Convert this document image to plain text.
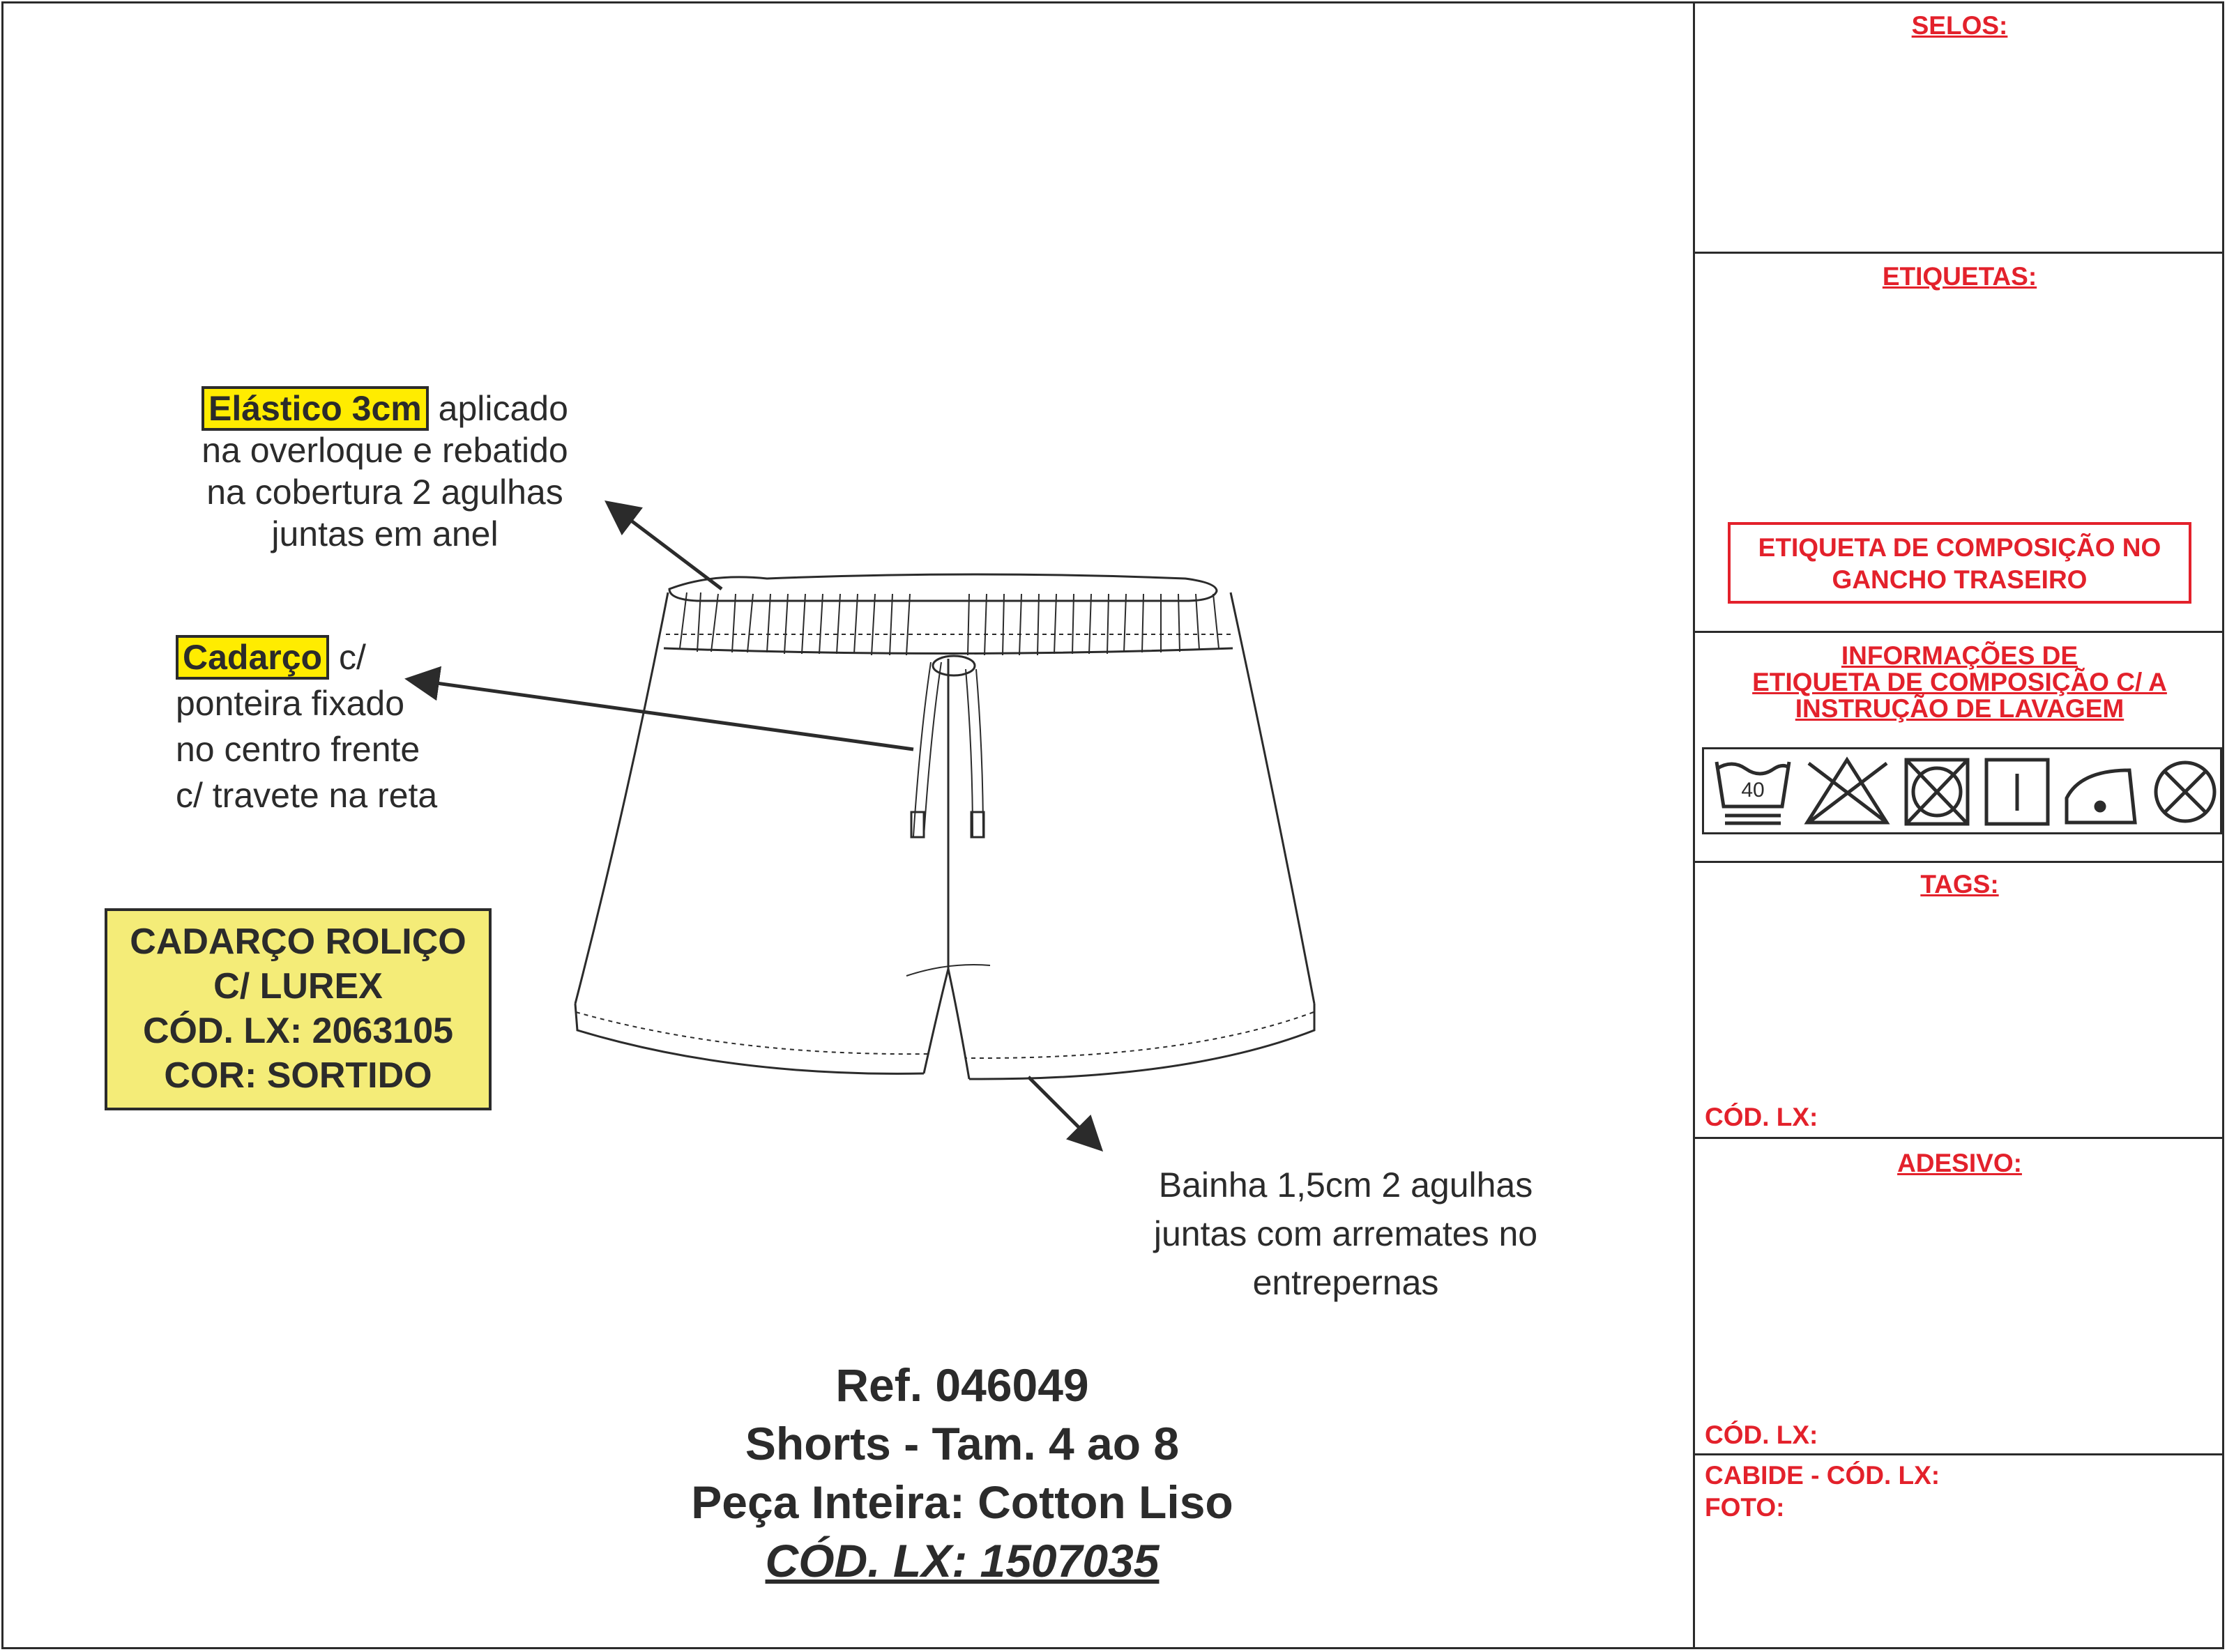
Elástico 3cm aplicado
na overloque e rebatido
na cobertura 2 agulhas
juntas em anel
Cadarço c/
ponteira fixado
no centro frente
c/ travete na reta
CADARÇO ROLIÇO
C/ LUREX
CÓD. LX: 2063105
COR: SORTIDO
Bainha 1,5cm 2 agulhas
juntas com arremates no
entrepernas
Ref. 046049
Shorts - Tam. 4 ao 8
Peça Inteira: Cotton Liso
CÓD. LX: 1507035
SELOS:
ETIQUETAS:
ETIQUETA DE COMPOSIÇÃO NO
GANCHO TRASEIRO
INFORMAÇÕES DE
ETIQUETA DE COMPOSIÇÃO C/ A
INSTRUÇÃO DE LAVAGEM
40
TAGS:
CÓD. LX:
ADESIVO:
CÓD. LX:
CABIDE - CÓD. LX:
FOTO:
